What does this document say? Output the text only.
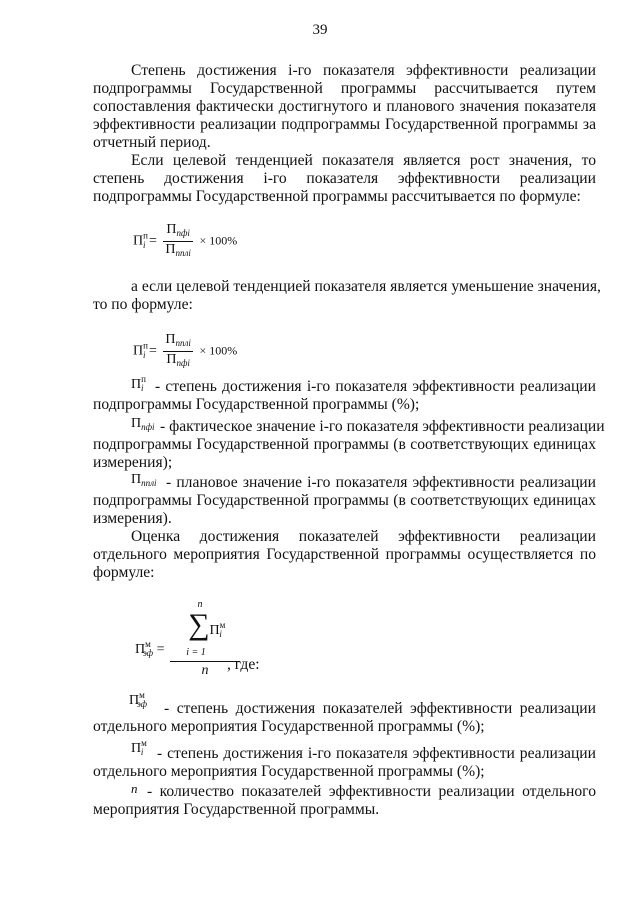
39
Степень достижения i-го показателя эффективности реализации
подпрограммы Государственной программы рассчитывается путем
сопоставления фактически достигнутого и планового значения показателя
эффективности реализации подпрограммы Государственной программы за
отчетный период.
Если целевой тенденцией показателя является рост значения, то
степень достижения i-го показателя эффективности реализации
подпрограммы Государственной программы рассчитывается по формуле:
$П^п_i = \frac{П_{пфi}}{П_{пплi}} \times 100\%$
а если целевой тенденцией показателя является уменьшение значения,
то по формуле:
$П^п_i = \frac{П_{пплi}}{П_{пфi}} \times 100\%$
$П^п_i$ - степень достижения i-го показателя эффективности реализации
подпрограммы Государственной программы (%);
$П_{пфi}$ - фактическое значение i-го показателя эффективности реализации
подпрограммы Государственной программы (в соответствующих единицах
измерения);
$П_{пплi}$ - плановое значение i-го показателя эффективности реализации
подпрограммы Государственной программы (в соответствующих единицах
измерения).
Оценка достижения показателей эффективности реализации
отдельного мероприятия Государственной программы осуществляется по
формуле:
$П^м_{эф}$ =
n
$\sum П^м_i$
i = 1
n	, где:
$П^м_{эф}$ - степень достижения показателей эффективности реализации
отдельного мероприятия Государственной программы (%);
$П^м_i$ - степень достижения i-го показателя эффективности реализации
отдельного мероприятия Государственной программы (%);
n - количество показателей эффективности реализации отдельного
мероприятия Государственной программы.
